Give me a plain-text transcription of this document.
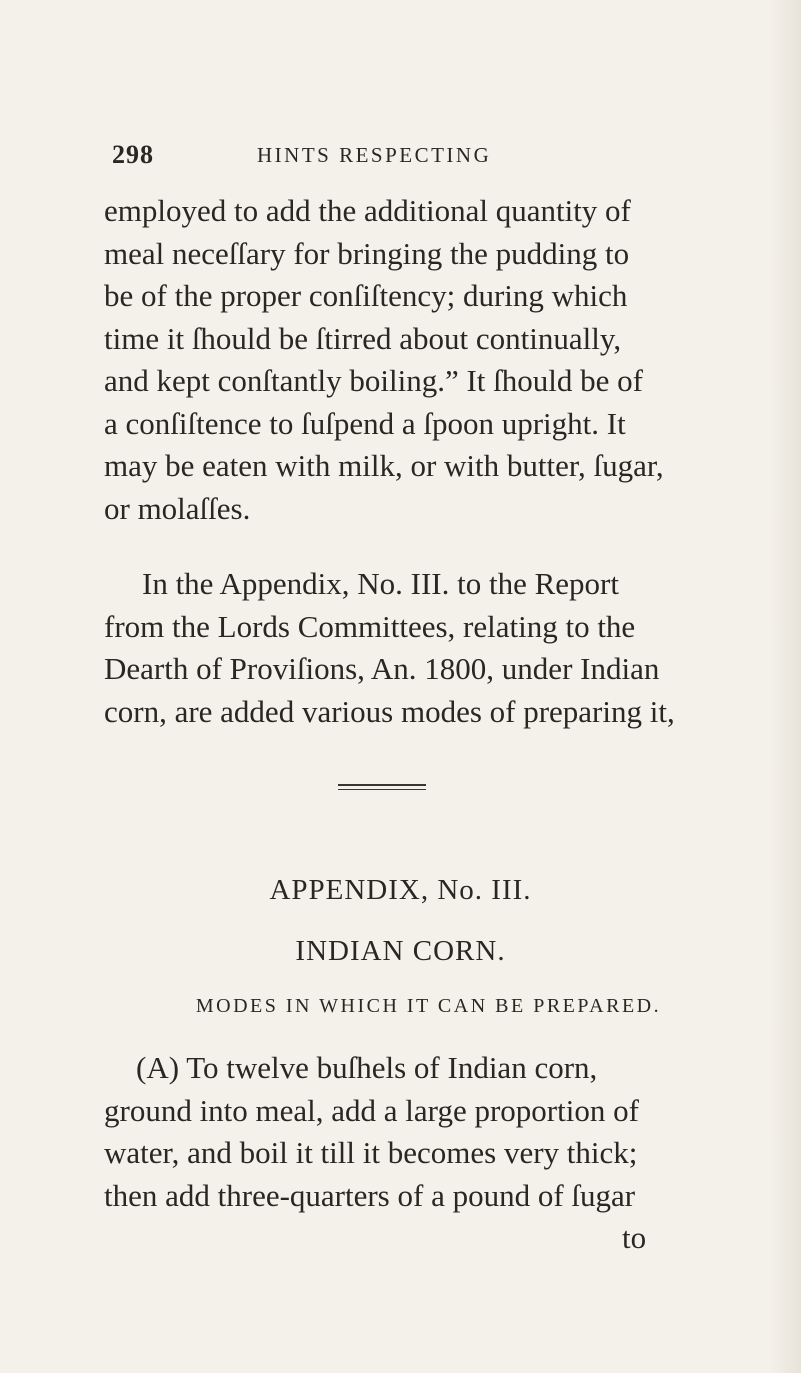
298	HINTS RESPECTING
employed to add the additional quantity of
meal neceſſary for bringing the pudding to
be of the proper conſiſtency; during which
time it ſhould be ſtirred about continually,
and kept conſtantly boiling.” It ſhould be of
a conſiſtence to ſuſpend a ſpoon upright. It
may be eaten with milk, or with butter, ſugar,
or molaſſes.
In the Appendix, No. III. to the Report
from the Lords Committees, relating to the
Dearth of Proviſions, An. 1800, under Indian
corn, are added various modes of preparing it,

APPENDIX, No. III.

INDIAN CORN.

MODES IN WHICH IT CAN BE PREPARED.

(A) To twelve buſhels of Indian corn,
ground into meal, add a large proportion of
water, and boil it till it becomes very thick;
then add three-quarters of a pound of ſugar
to
